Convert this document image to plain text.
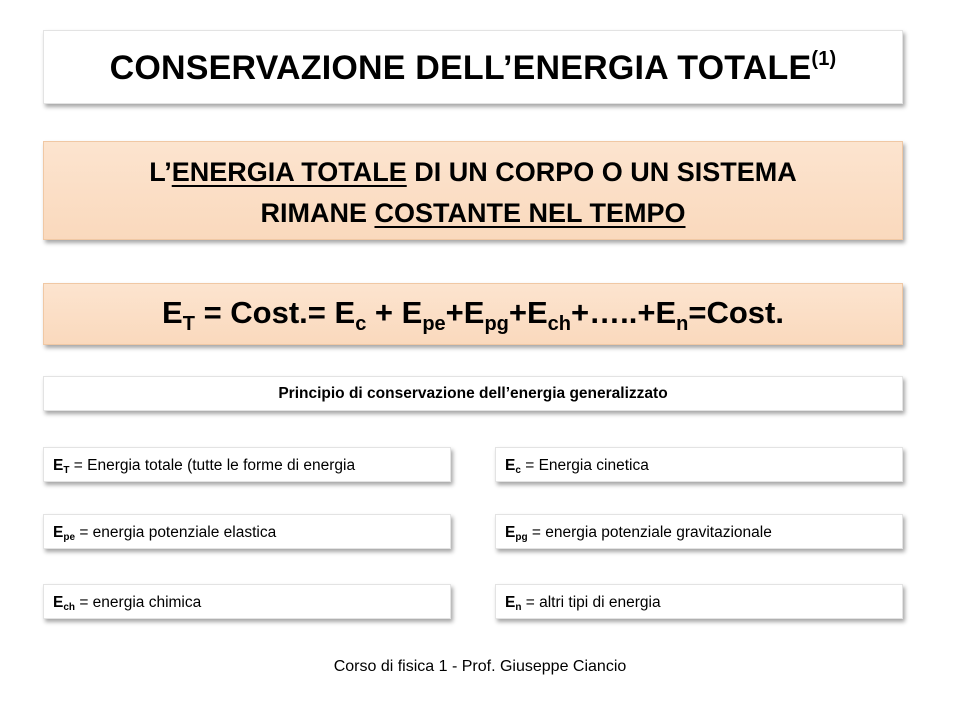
CONSERVAZIONE DELL’ENERGIA TOTALE$^{(1)}$
L’ENERGIA TOTALE DI UN CORPO O UN SISTEMA
RIMANE COSTANTE NEL TEMPO
$E_T$ = Cost.= $E_c$ + $E_{pe}+E_{pg}+E_{ch}+\dots..+E_n=Cost$.
Principio di conservazione dell’energia generalizzato
$E_T$ = Energia totale (tutte le forme di energia	$E_c$ = Energia cinetica
$E_{pe}$ = energia potenziale elastica	$E_{pg}$ = energia potenziale gravitazionale
$E_{ch}$ = energia chimica	$E_n$ = altri tipi di energia
Corso di fisica 1 - Prof. Giuseppe Ciancio
